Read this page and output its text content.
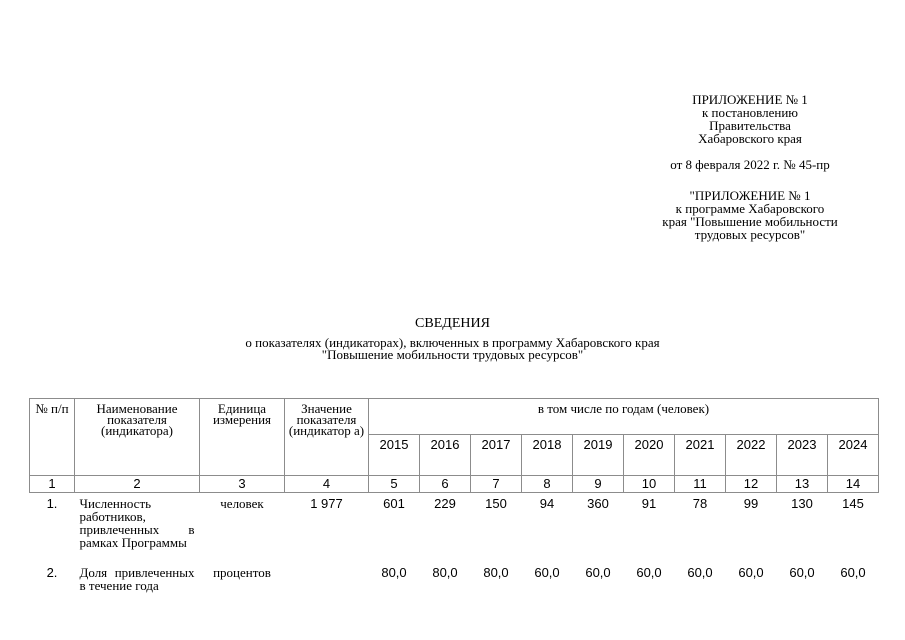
ПРИЛОЖЕНИЕ № 1
к постановлению
Правительства
Хабаровского края
от 8 февраля 2022 г. № 45-пр
"ПРИЛОЖЕНИЕ № 1
к программе Хабаровского
края "Повышение мобильности
трудовых ресурсов"
СВЕДЕНИЯ
о показателях (индикаторах), включенных в программу Хабаровского края
"Повышение мобильности трудовых ресурсов"
№ п/п	Наименование показателя (индикатора)	Единица измерения	Значение показателя (индикатор а)	в том числе по годам (человек)									
				2015	2016	2017	2018	2019	2020	2021	2022	2023	2024
1	2	3	4	5	6	7	8	9	10	11	12	13	14
1.	Численность работников, привлеченных в рамках Программы	человек	1 977	601	229	150	94	360	91	78	99	130	145
2.	Доля привлеченных в течение года	процентов		80,0	80,0	80,0	60,0	60,0	60,0	60,0	60,0	60,0	60,0
